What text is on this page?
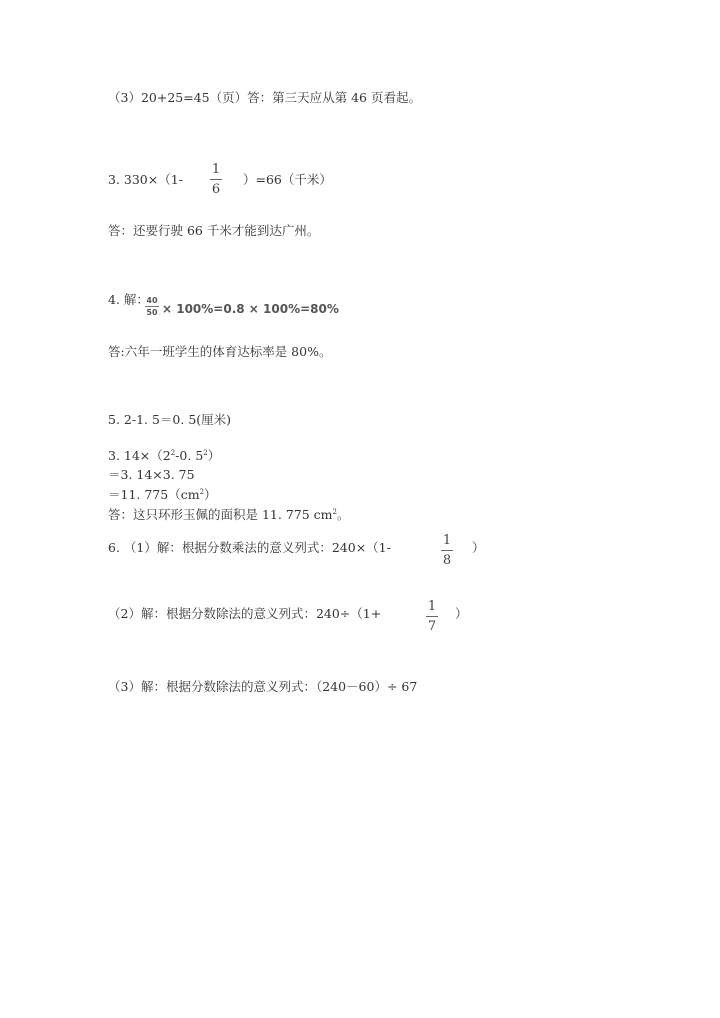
（3）20+25=45（页）答：第三天应从第 46 页看起。
3. 330×（1-
1
6
）=66（千米）
答：还要行驶 66 千米才能到达广州。
4. 解：
40
50 × 100%=0.8 × 100%=80%
答:六年一班学生的体育达标率是 80%。
5. 2-1. 5＝0. 5(厘米)
3. $14\times(2^2-0$. $5^2$）
＝3. 14×3. 75
＝11. $775(cm^2)$
答：这只环形玉佩的面积是 11. 775 $cm^2$。
6. （1）解：根据分数乘法的意义列式：240×（1-	1
8
）
（2）解：根据分数除法的意义列式：240÷（1+	1
7
）
（3）解：根据分数除法的意义列式：（240－60）÷ 67
